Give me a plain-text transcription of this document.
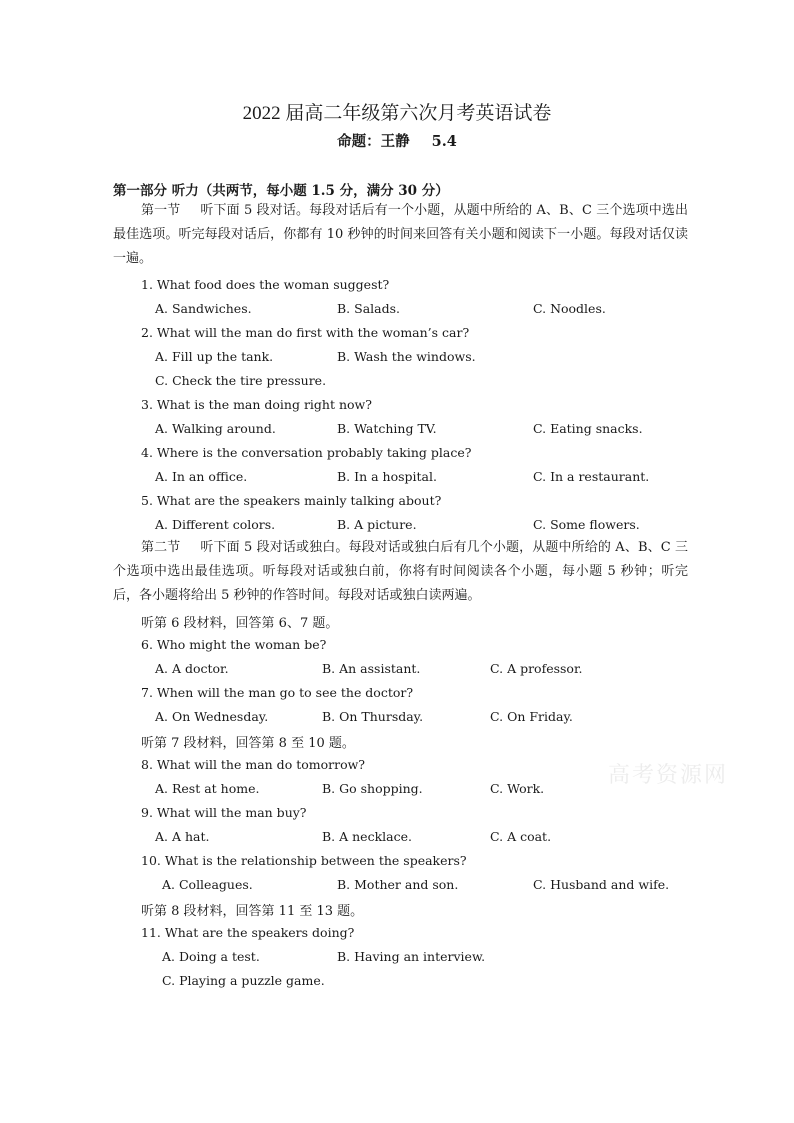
2022 届高二年级第六次月考英语试卷
命题：王静 5.4
第一部分 听力（共两节，每小题 1.5 分，满分 30 分）
第一节 听下面 5 段对话。每段对话后有一个小题，从题中所给的 A、B、C 三个选项中选出最佳选项。听完每段对话后，你都有 10 秒钟的时间来回答有关小题和阅读下一小题。每段对话仅读一遍。
1. What food does the woman suggest?
A. Sandwiches.	B. Salads.	C. Noodles.
2. What will the man do first with the woman’s car?
A. Fill up the tank.	B. Wash the windows.
C. Check the tire pressure.
3. What is the man doing right now?
A. Walking around.	B. Watching TV.	C. Eating snacks.
4. Where is the conversation probably taking place?
A. In an office.	B. In a hospital.	C. In a restaurant.
5. What are the speakers mainly talking about?
A. Different colors.	B. A picture.	C. Some flowers.
第二节 听下面 5 段对话或独白。每段对话或独白后有几个小题，从题中所给的 A、B、C 三个选项中选出最佳选项。听每段对话或独白前，你将有时间阅读各个小题，每小题 5 秒钟；听完后，各小题将给出 5 秒钟的作答时间。每段对话或独白读两遍。
听第 6 段材料，回答第 6、7 题。
6. Who might the woman be?
A. A doctor.	B. An assistant.	C. A professor.
7. When will the man go to see the doctor?
A. On Wednesday.	B. On Thursday.	C. On Friday.
听第 7 段材料，回答第 8 至 10 题。
8. What will the man do tomorrow?
A. Rest at home.	B. Go shopping.	C. Work.
9. What will the man buy?
A. A hat.	B. A necklace.	C. A coat.
10. What is the relationship between the speakers?
A. Colleagues.	B. Mother and son.	C. Husband and wife.
听第 8 段材料，回答第 11 至 13 题。
11. What are the speakers doing?
A. Doing a test.	B. Having an interview.
C. Playing a puzzle game.
高考资源网
